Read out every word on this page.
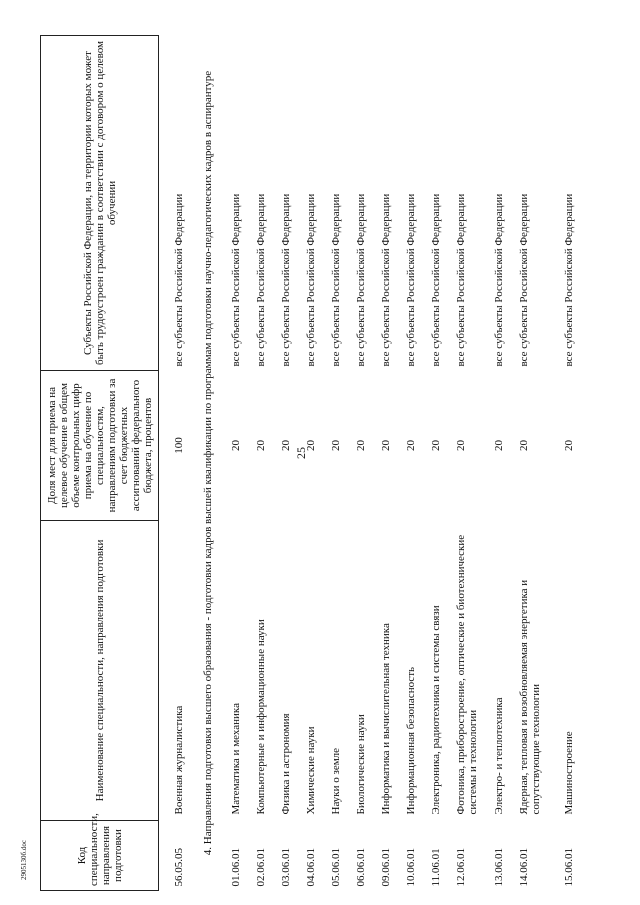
25
2905130б.doc	Код специальности, направления подготовки	Наименование специальности, направления подготовки	Доля мест для приема на целевое обучение в общем объеме контрольных цифр приема на обучение по специальностям, направлениям подготовки за счет бюджетных ассигнований федерального бюджета, процентов	Субъекты Российской Федерации, на территории которых может быть трудоустроен гражданин в соответствии с договором о целевом обучении
56.05.05	Военная журналистика	100	все субъекты Российской Федерации
4. Направления подготовки высшего образования - подготовки кадров высшей квалификации по программам подготовки научно-педагогических кадров в аспирантуре			
01.06.01	Математика и механика	20	все субъекты Российской Федерации
02.06.01	Компьютерные и информационные науки	20	все субъекты Российской Федерации
03.06.01	Физика и астрономия	20	все субъекты Российской Федерации
04.06.01	Химические науки	20	все субъекты Российской Федерации
05.06.01	Науки о земле	20	все субъекты Российской Федерации
06.06.01	Биологические науки	20	все субъекты Российской Федерации
09.06.01	Информатика и вычислительная техника	20	все субъекты Российской Федерации
10.06.01	Информационная безопасность	20	все субъекты Российской Федерации
11.06.01	Электроника, радиотехника и системы связи	20	все субъекты Российской Федерации
12.06.01	Фотоника, приборостроение, оптические и биотехнические системы и технологии	20	все субъекты Российской Федерации
13.06.01	Электро- и теплотехника	20	все субъекты Российской Федерации
14.06.01	Ядерная, тепловая и возобновляемая энергетика и сопутствующие технологии	20	все субъекты Российской Федерации
15.06.01	Машиностроение	20	все субъекты Российской Федерации
